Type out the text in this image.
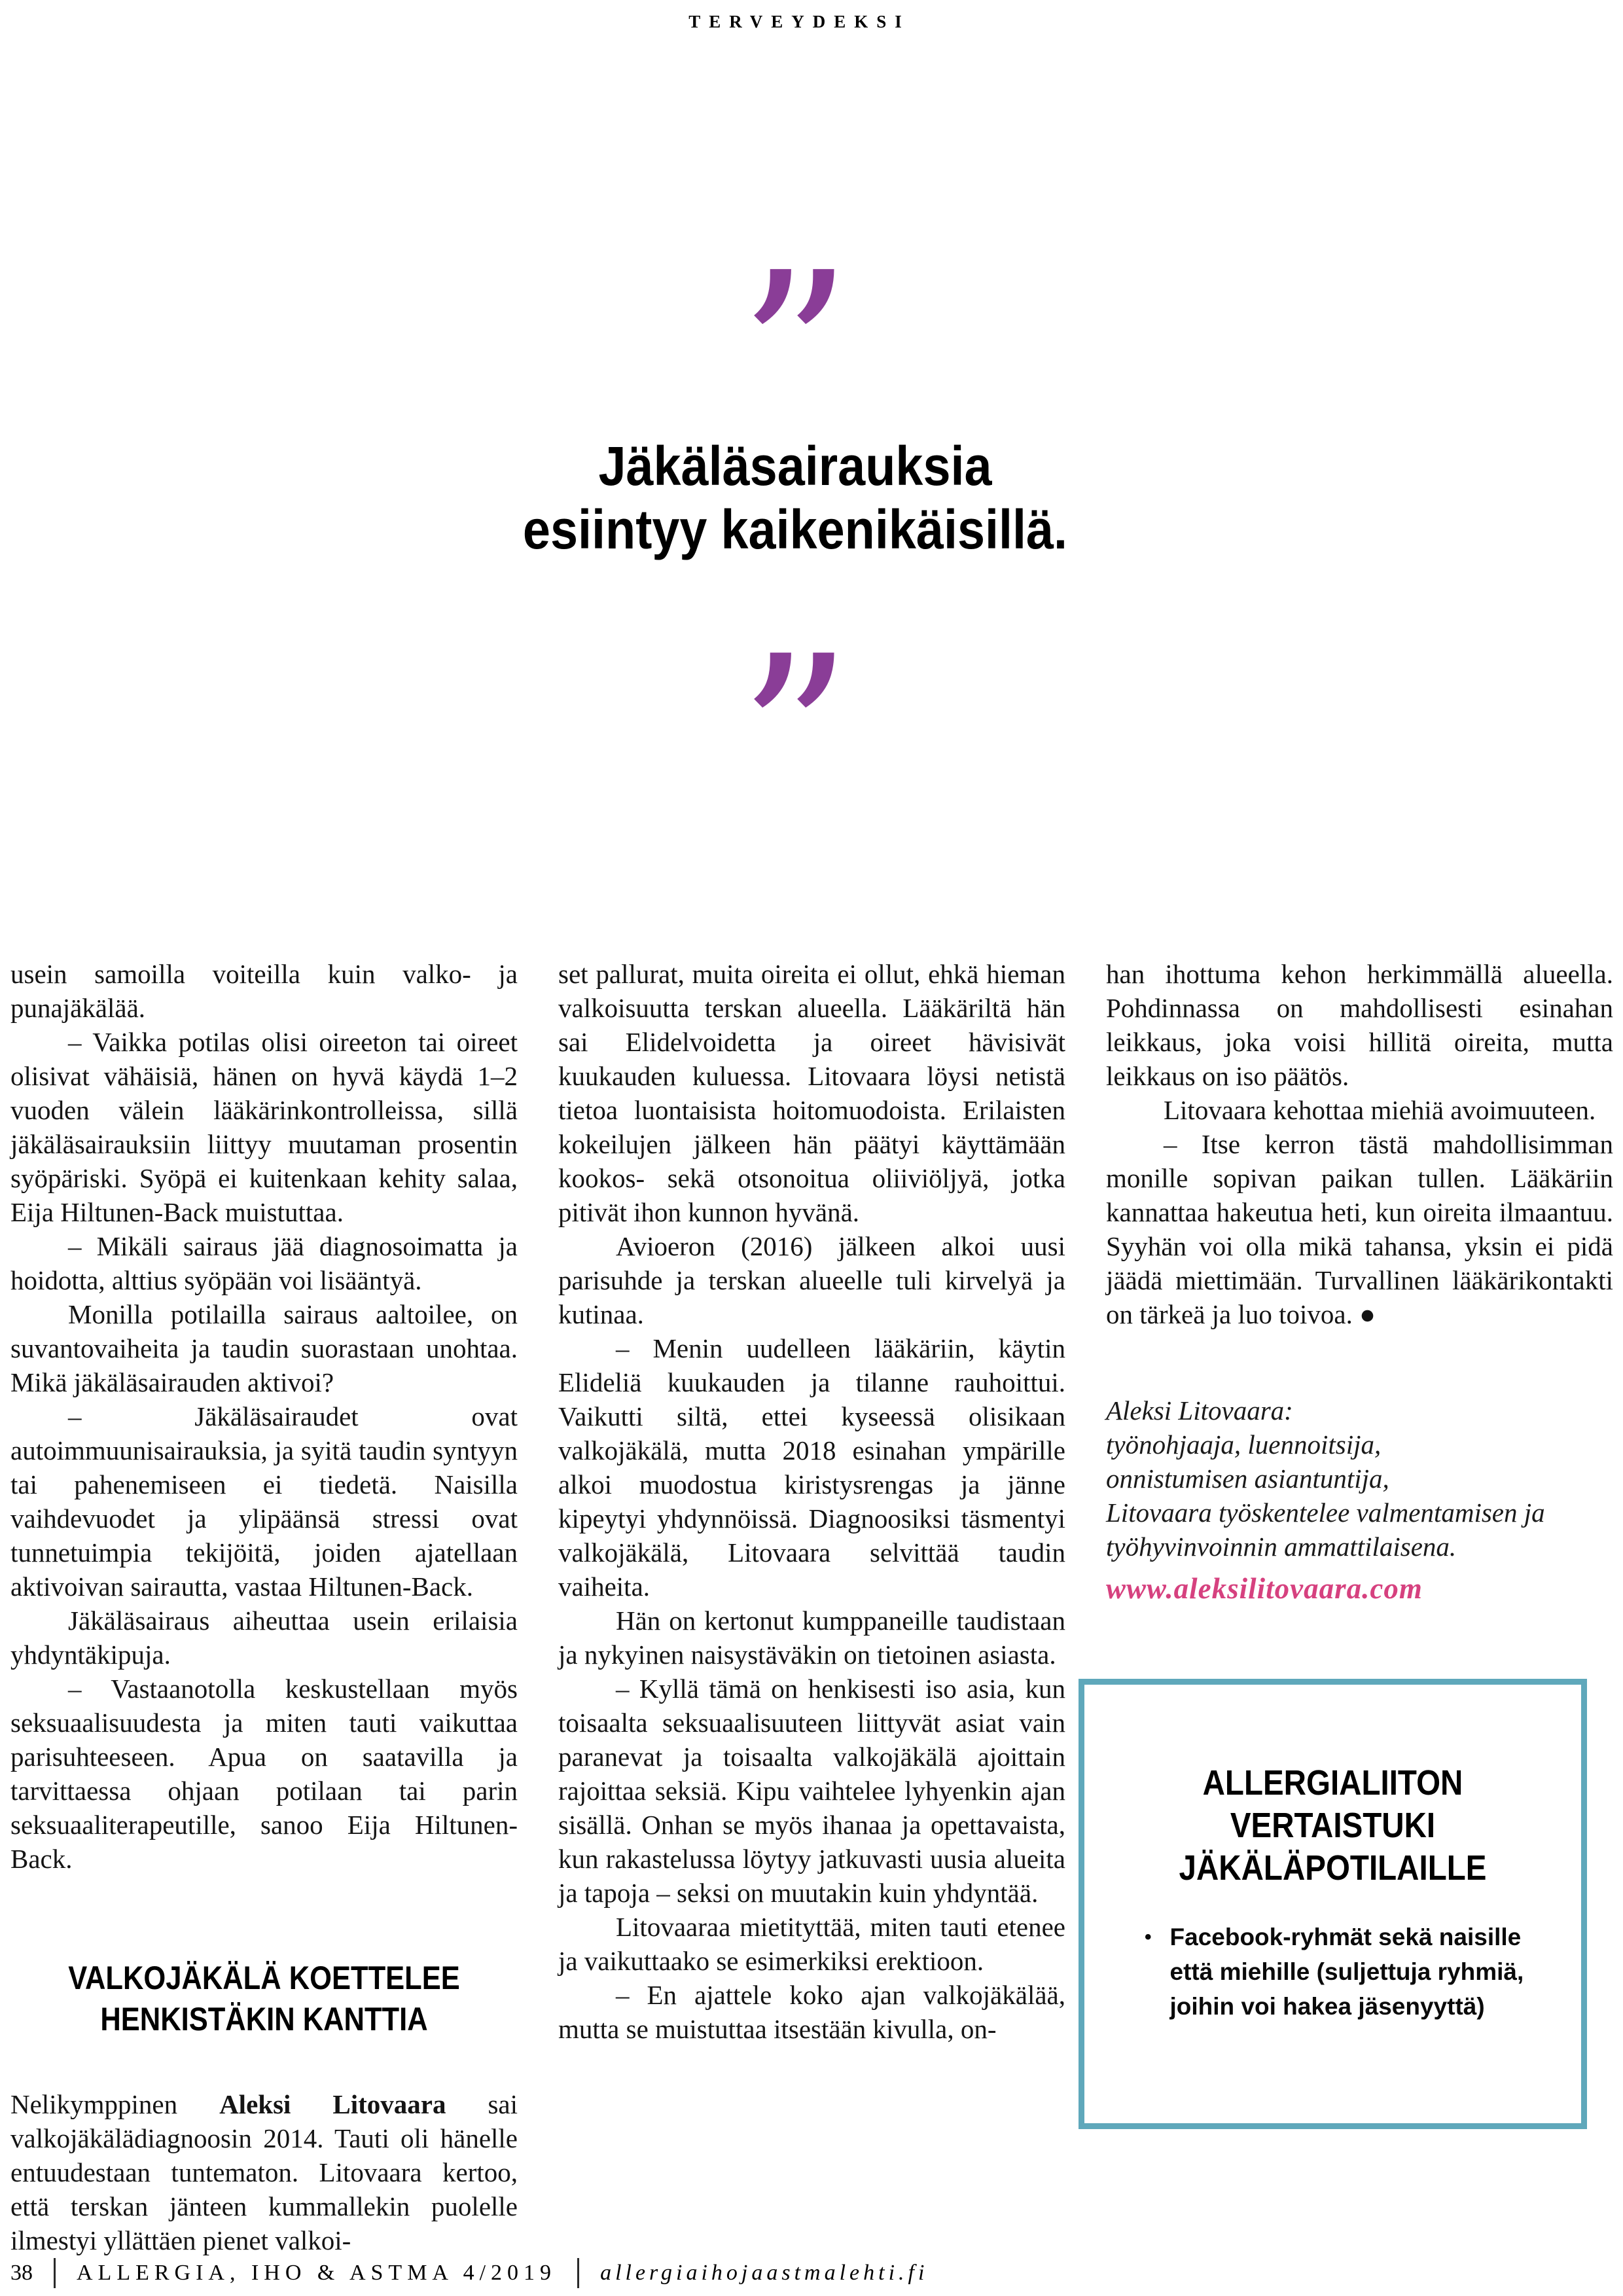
TERVEYDEKSI
”
Jäkäläsairauksia
esiintyy kaikenikäisillä.
”

usein samoilla voiteilla kuin valko- ja punajäkälää.

– Vaikka potilas olisi oireeton tai oireet olisivat vähäisiä, hänen on hyvä käydä 1–2 vuoden välein lääkärinkontrolleissa, sillä jäkäläsairauksiin liittyy muutaman prosentin syöpäriski. Syöpä ei kuitenkaan kehity salaa, Eija Hiltunen-Back muistuttaa.

– Mikäli sairaus jää diagnosoimatta ja hoidotta, alttius syöpään voi lisääntyä.

Monilla potilailla sairaus aaltoilee, on suvantovaiheita ja taudin suorastaan unohtaa. Mikä jäkäläsairauden aktivoi?

– Jäkäläsairaudet ovat autoimmuunisairauksia, ja syitä taudin syntyyn tai pahenemiseen ei tiedetä. Naisilla vaihdevuodet ja ylipäänsä stressi ovat tunnetuimpia tekijöitä, joiden ajatellaan aktivoivan sairautta, vastaa Hiltunen-Back.

Jäkäläsairaus aiheuttaa usein erilaisia yhdyntäkipuja.

– Vastaanotolla keskustellaan myös seksuaalisuudesta ja miten tauti vaikuttaa parisuhteeseen. Apua on saatavilla ja tarvittaessa ohjaan potilaan tai parin seksuaaliterapeutille, sanoo Eija Hiltunen-Back.

VALKOJÄKÄLÄ KOETTELEE
HENKISTÄKIN KANTTIA

Nelikymppinen Aleksi Litovaara sai valkojäkälädiagnoosin 2014. Tauti oli hänelle entuudestaan tuntematon. Litovaara kertoo, että terskan jänteen kummallekin puolelle ilmestyi yllättäen pienet valkoi-

set pallurat, muita oireita ei ollut, ehkä hieman valkoisuutta terskan alueella. Lääkäriltä hän sai Elidelvoidetta ja oireet hävisivät kuukauden kuluessa. Litovaara löysi netistä tietoa luontaisista hoitomuodoista. Erilaisten kokeilujen jälkeen hän päätyi käyttämään kookos- sekä otsonoitua oliiviöljyä, jotka pitivät ihon kunnon hyvänä.

Avioeron (2016) jälkeen alkoi uusi parisuhde ja terskan alueelle tuli kirvelyä ja kutinaa.

– Menin uudelleen lääkäriin, käytin Elideliä kuukauden ja tilanne rauhoittui. Vaikutti siltä, ettei kyseessä olisikaan valkojäkälä, mutta 2018 esinahan ympärille alkoi muodostua kiristysrengas ja jänne kipeytyi yhdynnöissä. Diagnoosiksi täsmentyi valkojäkälä, Litovaara selvittää taudin vaiheita.

Hän on kertonut kumppaneille taudistaan ja nykyinen naisystäväkin on tietoinen asiasta.

– Kyllä tämä on henkisesti iso asia, kun toisaalta seksuaalisuuteen liittyvät asiat vain paranevat ja toisaalta valkojäkälä ajoittain rajoittaa seksiä. Kipu vaihtelee lyhyenkin ajan sisällä. Onhan se myös ihanaa ja opettavaista, kun rakastelussa löytyy jatkuvasti uusia alueita ja tapoja – seksi on muutakin kuin yhdyntää.

Litovaaraa mietityttää, miten tauti etenee ja vaikuttaako se esimerkiksi erektioon.

– En ajattele koko ajan valkojäkälää, mutta se muistuttaa itsestään kivulla, on-

han ihottuma kehon herkimmällä alueella. Pohdinnassa on mahdollisesti esinahan leikkaus, joka voisi hillitä oireita, mutta leikkaus on iso päätös.

Litovaara kehottaa miehiä avoimuuteen.

– Itse kerron tästä mahdollisimman monille sopivan paikan tullen. Lääkäriin kannattaa hakeutua heti, kun oireita ilmaantuu. Syyhän voi olla mikä tahansa, yksin ei pidä jäädä miettimään. Turvallinen lääkärikontakti on tärkeä ja luo toivoa. ●

Aleksi Litovaara:
työnohjaaja, luennoitsija,
onnistumisen asiantuntija,
Litovaara työskentelee valmentamisen ja
työhyvinvoinnin ammattilaisena.
www.aleksilitovaara.com
ALLERGIALIITON
VERTAISTUKI
JÄKÄLÄPOTILAILLE
• Facebook-ryhmät sekä naisille että miehille (suljettuja ryhmiä, joihin voi hakea jäsenyyttä)
38 ALLERGIA, IHO & ASTMA 4/2019 allergiaihojaastmalehti.fi
